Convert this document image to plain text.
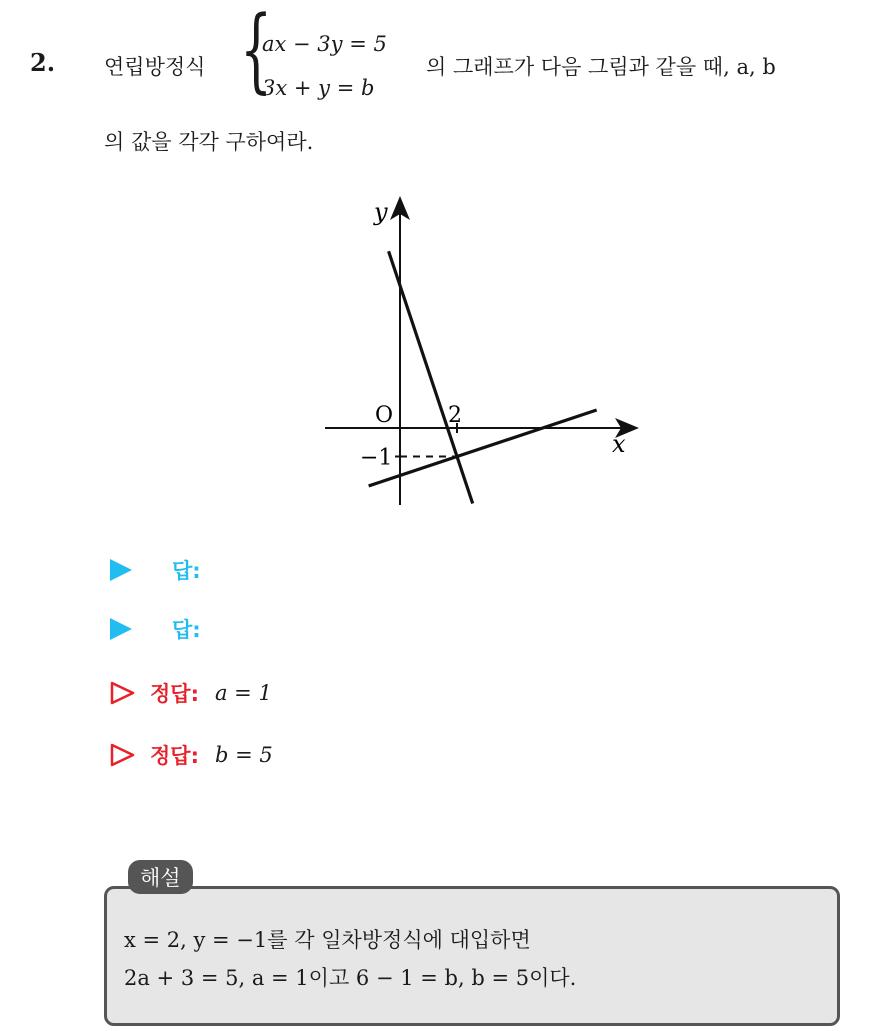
2. 연립방정식 {
ax − 3y = 5
3x + y = b
의 그래프가 다음 그림과 같을 때, a, b
의 값을 각각 구하여라.
y
x
O 2
−1
답:
답:
정답: a = 1
정답: b = 5
해설
x = 2, y = −1를 각 일차방정식에 대입하면
2a + 3 = 5, a = 1이고 6 − 1 = b, b = 5이다.
